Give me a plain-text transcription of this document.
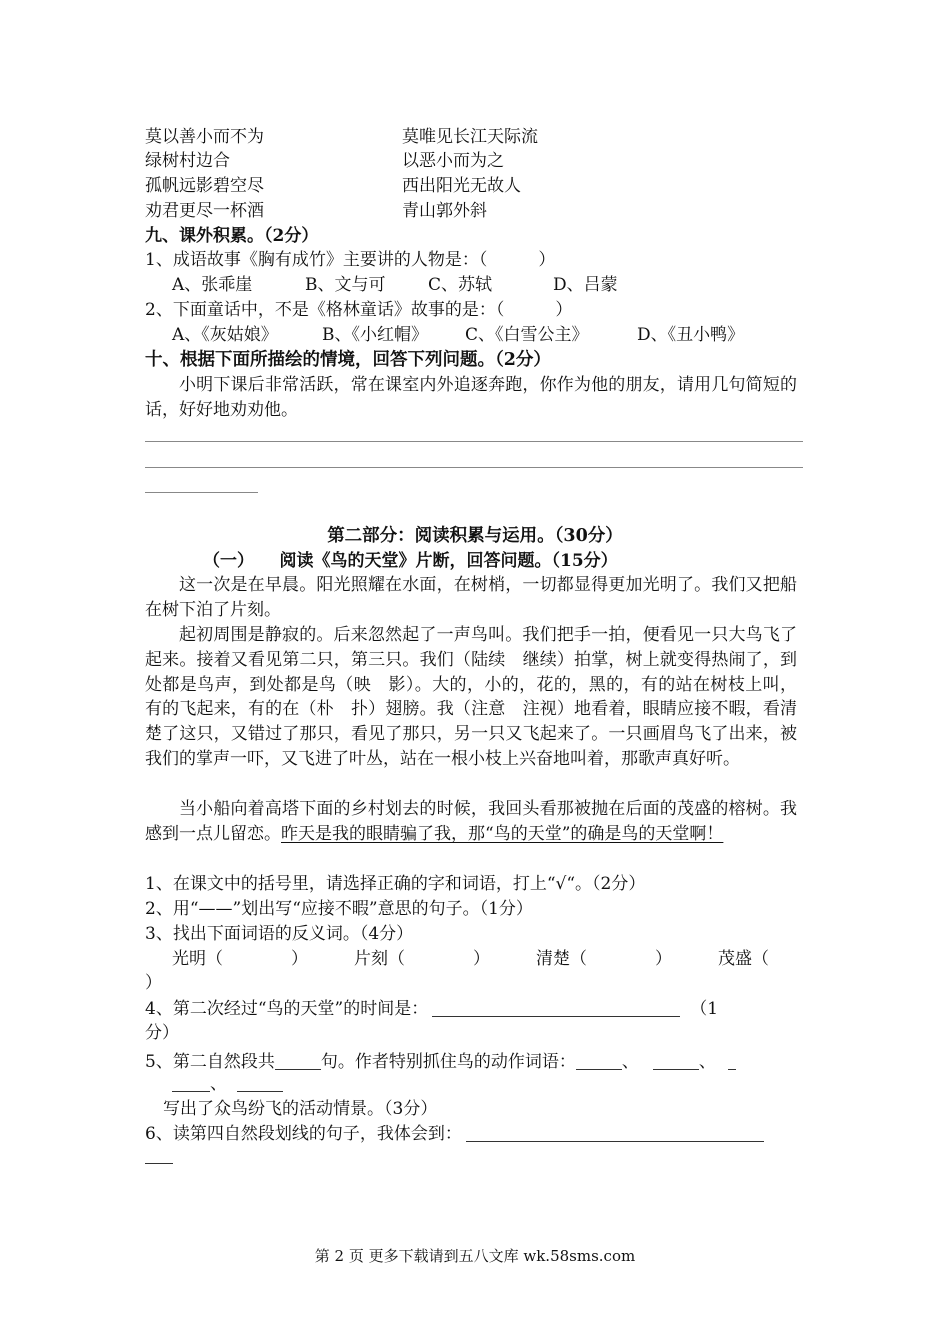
莫以善小而不为	莫唯见长江天际流
绿树村边合	以恶小而为之
孤帆远影碧空尽	西出阳光无故人
劝君更尽一杯酒	青山郭外斜
九、课外积累。（2分）
1、成语故事《胸有成竹》主要讲的人物是：（　　　）
A、张乖崖	B、文与可	C、苏轼	D、吕蒙
2、下面童话中，不是《格林童话》故事的是：（　　　）
A、《灰姑娘》	B、《小红帽》 C、《白雪公主》	D、《丑小鸭》
十、根据下面所描绘的情境，回答下列问题。（2分）
小明下课后非常活跃，常在课室内外追逐奔跑，你作为他的朋友，请用几句简短的话，好好地劝劝他。
第二部分：阅读积累与运用。（30分）
（一）　　阅读《鸟的天堂》片断，回答问题。（15分）
这一次是在早晨。阳光照耀在水面，在树梢，一切都显得更加光明了。我们又把船在树下泊了片刻。
起初周围是静寂的。后来忽然起了一声鸟叫。我们把手一拍，便看见一只大鸟飞了起来。接着又看见第二只，第三只。我们（陆续　继续）拍掌，树上就变得热闹了，到处都是鸟声，到处都是鸟（映　影）。大的，小的，花的，黑的，有的站在树枝上叫，有的飞起来，有的在（朴　扑）翅膀。我（注意　注视）地看着，眼睛应接不暇，看清楚了这只，又错过了那只，看见了那只，另一只又飞起来了。一只画眉鸟飞了出来，被我们的掌声一吓，又飞进了叶丛，站在一根小枝上兴奋地叫着，那歌声真好听。
当小船向着高塔下面的乡村划去的时候，我回头看那被抛在后面的茂盛的榕树。我感到一点儿留恋。昨天是我的眼睛骗了我，那“鸟的天堂”的确是鸟的天堂啊！
1、在课文中的括号里，请选择正确的字和词语，打上“√“。（2分）
2、用“——”划出写“应接不暇”意思的句子。（1分）
3、找出下面词语的反义词。（4分）
光明（　　　　）	片刻（　　　　）	清楚（　　　　）	茂盛（
）
4、第二次经过“鸟的天堂”的时间是：	（1
分）
5、第二自然段共	句。作者特别抓住鸟的动作词语：	、	、
、
写出了众鸟纷飞的活动情景。（3分）
6、读第四自然段划线的句子，我体会到：
第 2 页 更多下载请到五八文库 wk.58sms.com
